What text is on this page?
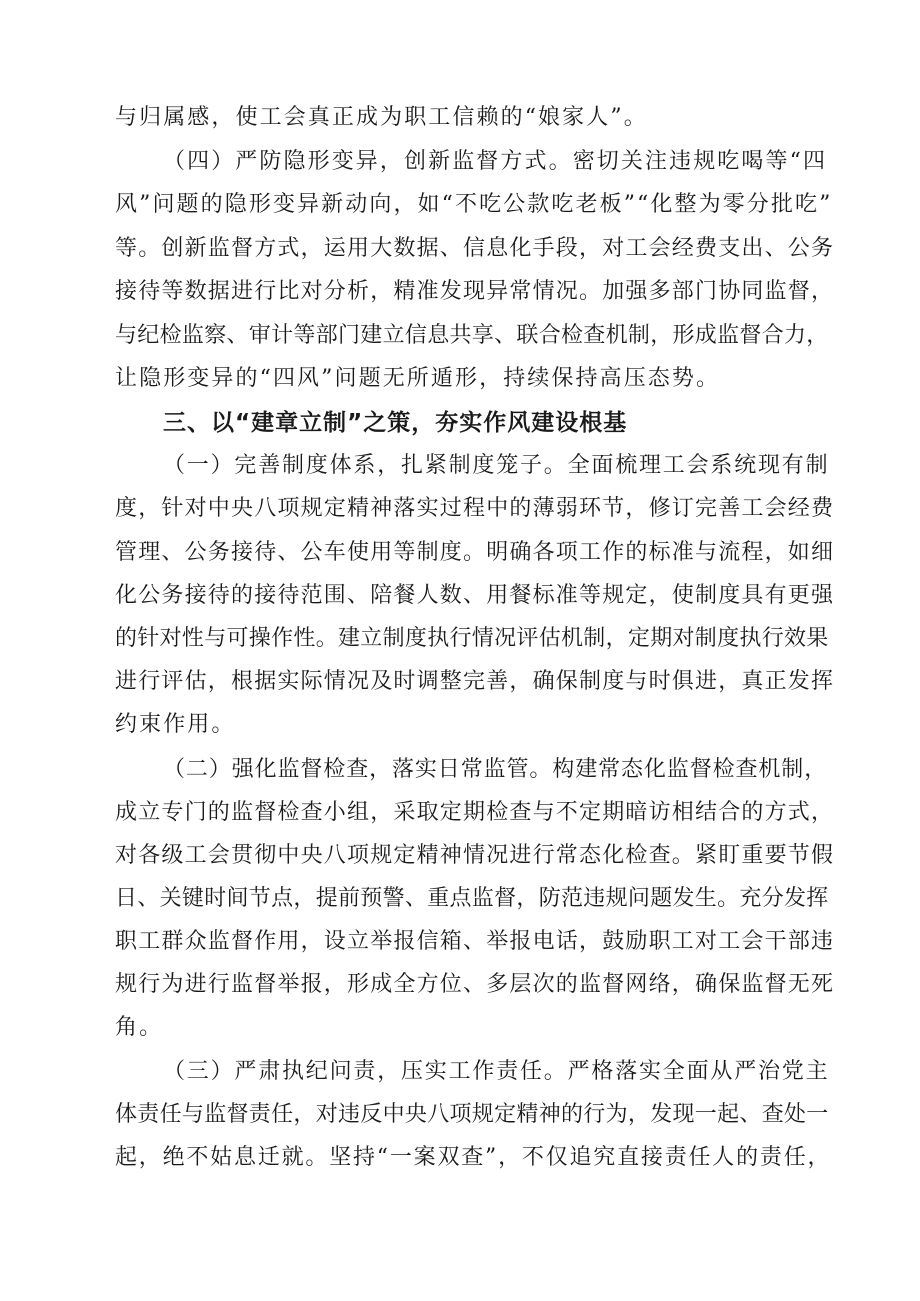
与归属感，使工会真正成为职工信赖的“娘家人”。
（四）严防隐形变异，创新监督方式。密切关注违规吃喝等“四
风”问题的隐形变异新动向，如“不吃公款吃老板”“化整为零分批吃”
等。创新监督方式，运用大数据、信息化手段，对工会经费支出、公务
接待等数据进行比对分析，精准发现异常情况。加强多部门协同监督，
与纪检监察、审计等部门建立信息共享、联合检查机制，形成监督合力，
让隐形变异的“四风”问题无所遁形，持续保持高压态势。
三、以“建章立制”之策，夯实作风建设根基
（一）完善制度体系，扎紧制度笼子。全面梳理工会系统现有制
度，针对中央八项规定精神落实过程中的薄弱环节，修订完善工会经费
管理、公务接待、公车使用等制度。明确各项工作的标准与流程，如细
化公务接待的接待范围、陪餐人数、用餐标准等规定，使制度具有更强
的针对性与可操作性。建立制度执行情况评估机制，定期对制度执行效果
进行评估，根据实际情况及时调整完善，确保制度与时俱进，真正发挥
约束作用。
（二）强化监督检查，落实日常监管。构建常态化监督检查机制，
成立专门的监督检查小组，采取定期检查与不定期暗访相结合的方式，
对各级工会贯彻中央八项规定精神情况进行常态化检查。紧盯重要节假
日、关键时间节点，提前预警、重点监督，防范违规问题发生。充分发挥
职工群众监督作用，设立举报信箱、举报电话，鼓励职工对工会干部违
规行为进行监督举报，形成全方位、多层次的监督网络，确保监督无死
角。
（三）严肃执纪问责，压实工作责任。严格落实全面从严治党主
体责任与监督责任，对违反中央八项规定精神的行为，发现一起、查处一
起，绝不姑息迁就。坚持“一案双查”，不仅追究直接责任人的责任，
